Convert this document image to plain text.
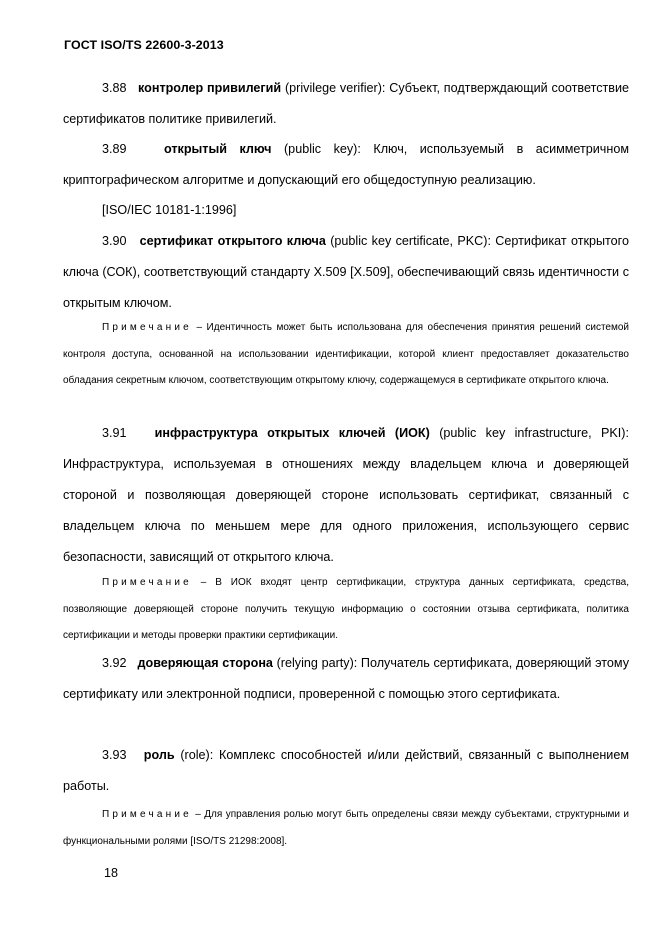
ГОСТ ISO/TS 22600-3-2013
3.88 контролер привилегий (privilege verifier): Субъект, подтверждающий соответствие сертификатов политике привилегий.
3.89	открытый ключ (public key): Ключ, используемый в асимметричном криптографическом алгоритме и допускающий его общедоступную реализацию.
[ISO/IEC 10181-1:1996]
3.90 сертификат открытого ключа (public key certificate, PKC): Сертификат открытого ключа (СОК), соответствующий стандарту X.509 [X.509], обеспечивающий связь идентичности с открытым ключом.
Примечание – Идентичность может быть использована для обеспечения принятия решений системой контроля доступа, основанной на использовании идентификации, которой клиент предоставляет доказательство обладания секретным ключом, соответствующим открытому ключу, содержащемуся в сертификате открытого ключа.
3.91 инфраструктура открытых ключей (ИОК) (public key infrastructure, PKI): Инфраструктура, используемая в отношениях между владельцем ключа и доверяющей стороной и позволяющая доверяющей стороне использовать сертификат, связанный с владельцем ключа по меньшем мере для одного приложения, использующего сервис безопасности, зависящий от открытого ключа.
Примечание – В ИОК входят центр сертификации, структура данных сертификата, средства, позволяющие доверяющей стороне получить текущую информацию о состоянии отзыва сертификата, политика сертификации и методы проверки практики сертификации.
3.92 доверяющая сторона (relying party): Получатель сертификата, доверяющий этому сертификату или электронной подписи, проверенной с помощью этого сертификата.
3.93 роль (role): Комплекс способностей и/или действий, связанный с выполнением работы.
Примечание – Для управления ролью могут быть определены связи между субъектами, структурными и функциональными ролями [ISO/TS 21298:2008].
18
